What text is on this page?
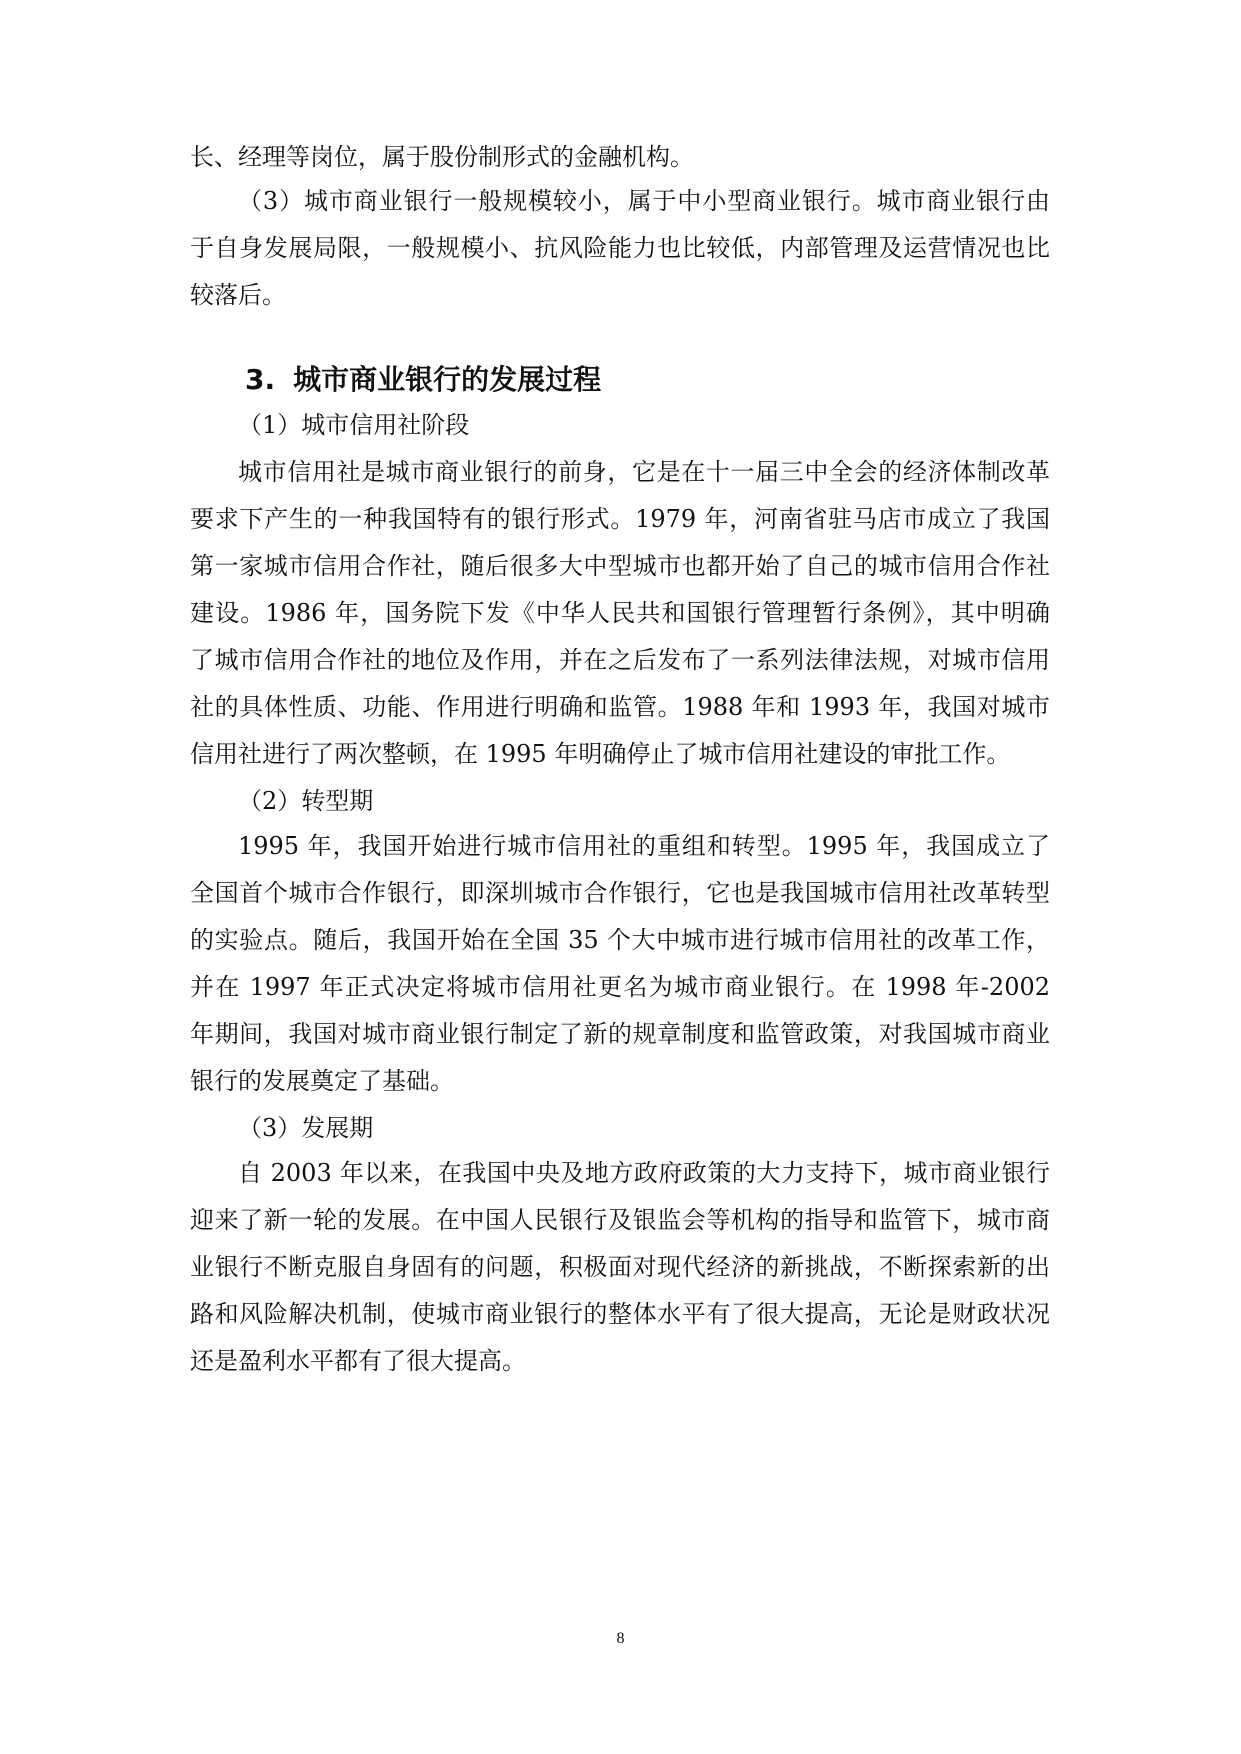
长、经理等岗位，属于股份制形式的金融机构。
（3）城市商业银行一般规模较小，属于中小型商业银行。城市商业银行由
于自身发展局限，一般规模小、抗风险能力也比较低，内部管理及运营情况也比
较落后。
3. 城市商业银行的发展过程
（1）城市信用社阶段
城市信用社是城市商业银行的前身，它是在十一届三中全会的经济体制改革
要求下产生的一种我国特有的银行形式。1979 年，河南省驻马店市成立了我国
第一家城市信用合作社，随后很多大中型城市也都开始了自己的城市信用合作社
建设。1986 年，国务院下发《中华人民共和国银行管理暂行条例》，其中明确
了城市信用合作社的地位及作用，并在之后发布了一系列法律法规，对城市信用
社的具体性质、功能、作用进行明确和监管。1988 年和 1993 年，我国对城市
信用社进行了两次整顿，在 1995 年明确停止了城市信用社建设的审批工作。
（2）转型期
1995 年，我国开始进行城市信用社的重组和转型。1995 年，我国成立了
全国首个城市合作银行，即深圳城市合作银行，它也是我国城市信用社改革转型
的实验点。随后，我国开始在全国 35 个大中城市进行城市信用社的改革工作，
并在 1997 年正式决定将城市信用社更名为城市商业银行。在 1998 年-2002
年期间，我国对城市商业银行制定了新的规章制度和监管政策，对我国城市商业
银行的发展奠定了基础。
（3）发展期
自 2003 年以来，在我国中央及地方政府政策的大力支持下，城市商业银行
迎来了新一轮的发展。在中国人民银行及银监会等机构的指导和监管下，城市商
业银行不断克服自身固有的问题，积极面对现代经济的新挑战，不断探索新的出
路和风险解决机制，使城市商业银行的整体水平有了很大提高，无论是财政状况
还是盈利水平都有了很大提高。
8
